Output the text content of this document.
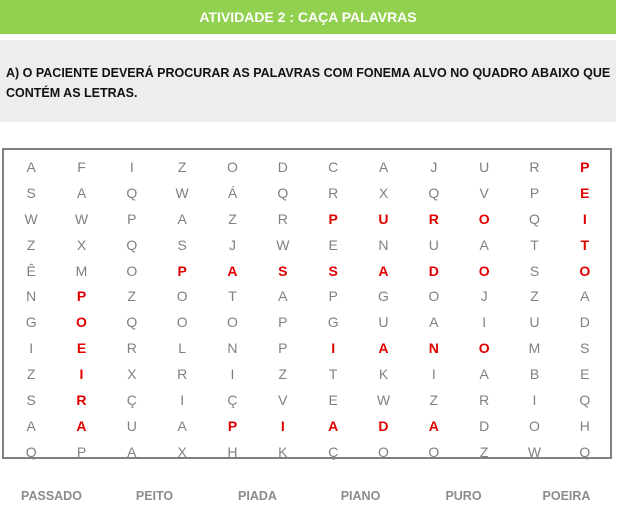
ATIVIDADE 2 : CAÇA PALAVRAS
A) O PACIENTE DEVERÁ PROCURAR AS PALAVRAS COM FONEMA ALVO NO QUADRO ABAIXO QUE CONTÉM AS LETRAS.
A	F	I	Z	O	D	C	A	J	U	R	P
S	A	Q	W	Á	Q	R	X	Q	V	P	E
W	W	P	A	Z	R	P	U	R	O	Q	I
Z	X	Q	S	J	W	E	N	U	A	T	T
Ê	M	O	P	A	S	S	A	D	O	S	O
N	P	Z	O	T	A	P	G	O	J	Z	A
G	O	Q	O	O	P	G	U	A	I	U	D
I	E	R	L	N	P	I	A	N	O	M	S
Z	I	X	R	I	Z	T	K	I	A	B	E
S	R	Ç	I	Ç	V	E	W	Z	R	I	Q
A	A	U	A	P	I	A	D	A	D	O	H
Q	P	A	X	H	K	Ç	O	O	Z	W	Q
PASSADO	PEITO	PIADA	PIANO	PURO	POEIRA
